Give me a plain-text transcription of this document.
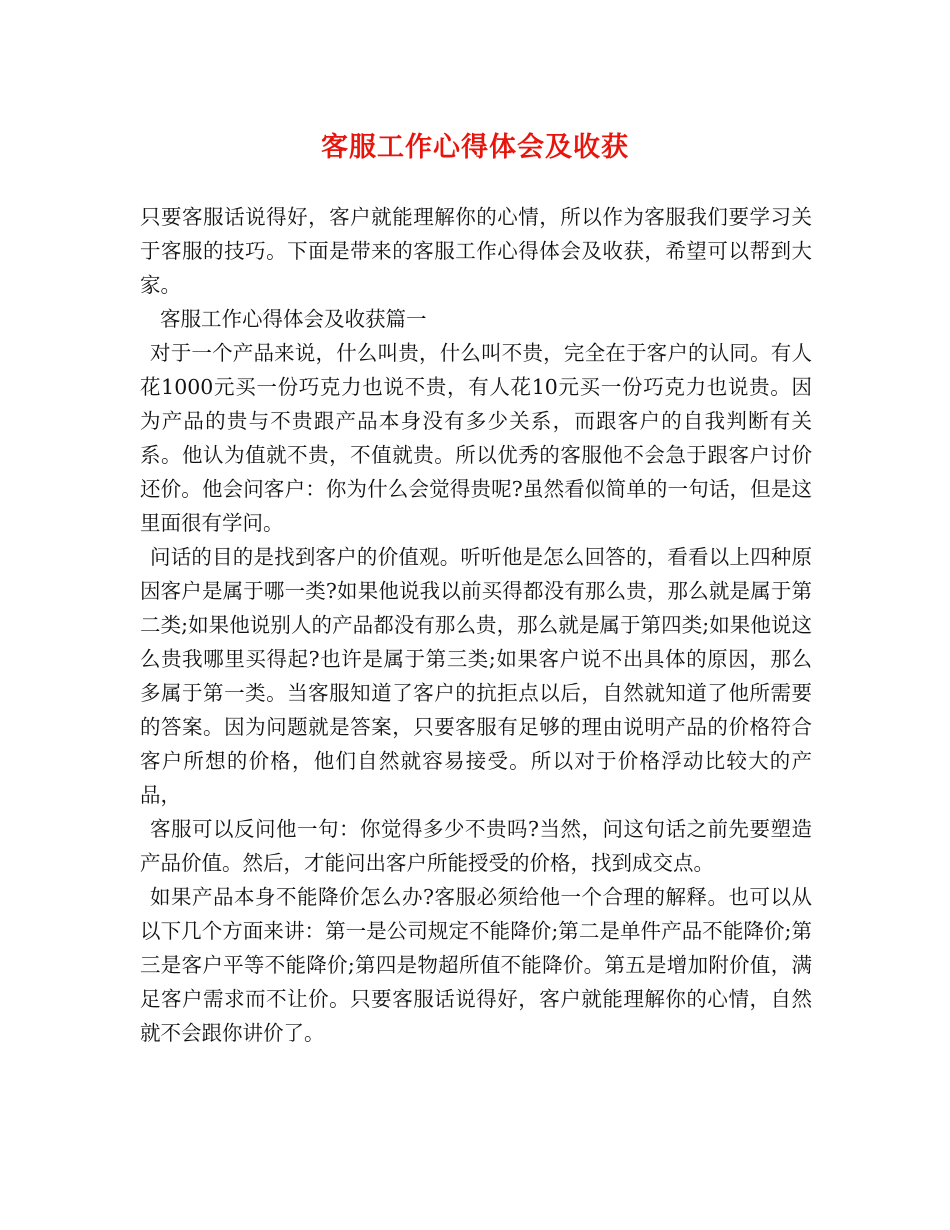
客服工作心得体会及收获

只要客服话说得好，客户就能理解你的心情，所以作为客服我们要学习关于客服的技巧。下面是带来的客服工作心得体会及收获，希望可以帮到大家。

客服工作心得体会及收获篇一

对于一个产品来说，什么叫贵，什么叫不贵，完全在于客户的认同。有人花1000元买一份巧克力也说不贵，有人花10元买一份巧克力也说贵。因为产品的贵与不贵跟产品本身没有多少关系，而跟客户的自我判断有关系。他认为值就不贵，不值就贵。所以优秀的客服他不会急于跟客户讨价还价。他会问客户：你为什么会觉得贵呢?虽然看似简单的一句话，但是这里面很有学问。

问话的目的是找到客户的价值观。听听他是怎么回答的，看看以上四种原因客户是属于哪一类?如果他说我以前买得都没有那么贵，那么就是属于第二类;如果他说别人的产品都没有那么贵，那么就是属于第四类;如果他说这么贵我哪里买得起?也许是属于第三类;如果客户说不出具体的原因，那么多属于第一类。当客服知道了客户的抗拒点以后，自然就知道了他所需要的答案。因为问题就是答案，只要客服有足够的理由说明产品的价格符合客户所想的价格，他们自然就容易接受。所以对于价格浮动比较大的产品，

客服可以反问他一句：你觉得多少不贵吗?当然，问这句话之前先要塑造产品价值。然后，才能问出客户所能授受的价格，找到成交点。

如果产品本身不能降价怎么办?客服必须给他一个合理的解释。也可以从以下几个方面来讲：第一是公司规定不能降价;第二是单件产品不能降价;第三是客户平等不能降价;第四是物超所值不能降价。第五是增加附价值，满足客户需求而不让价。只要客服话说得好，客户就能理解你的心情，自然就不会跟你讲价了。
